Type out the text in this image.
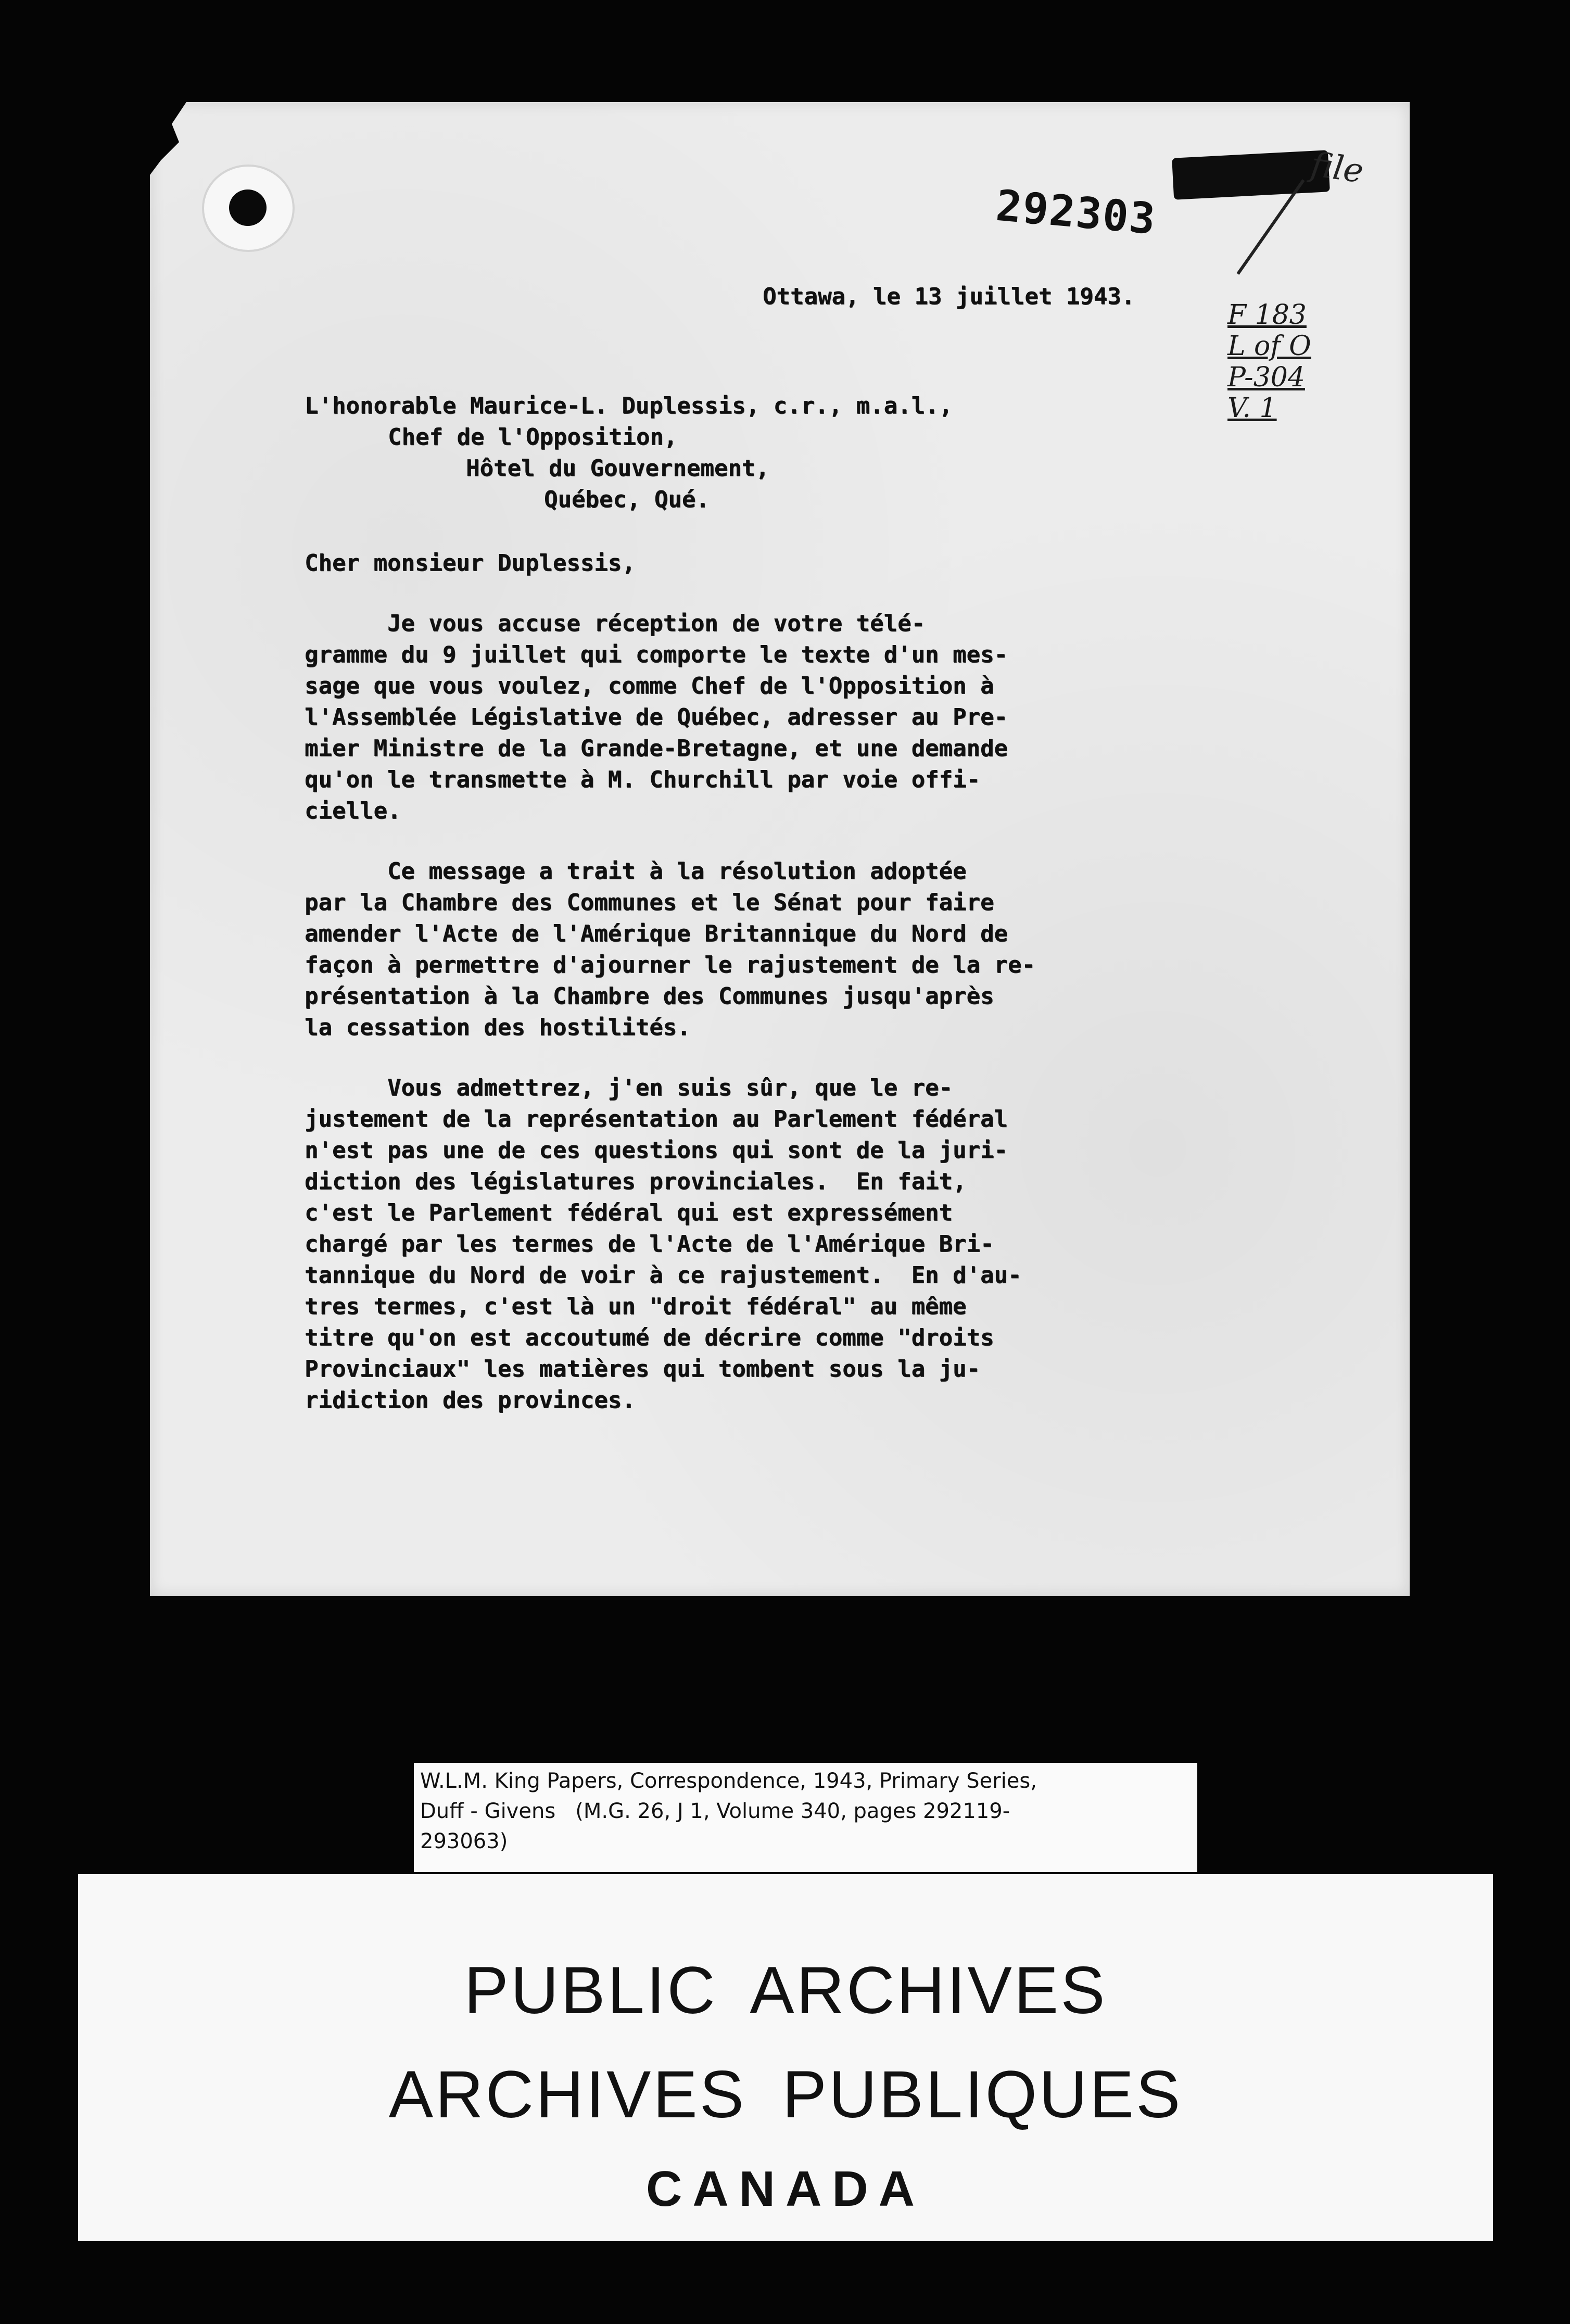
292303
file
F 183
L of O
P-304
V. 1
Ottawa, le 13 juillet 1943.
L'honorable Maurice-L. Duplessis, c.r., m.a.l.,
Chef de l'Opposition,
Hôtel du Gouvernement,
Québec, Qué.
Cher monsieur Duplessis,
Je vous accuse réception de votre télé-
gramme du 9 juillet qui comporte le texte d'un mes-
sage que vous voulez, comme Chef de l'Opposition à
l'Assemblée Législative de Québec, adresser au Pre-
mier Ministre de la Grande-Bretagne, et une demande
qu'on le transmette à M. Churchill par voie offi-
cielle.
Ce message a trait à la résolution adoptée
par la Chambre des Communes et le Sénat pour faire
amender l'Acte de l'Amérique Britannique du Nord de
façon à permettre d'ajourner le rajustement de la re-
présentation à la Chambre des Communes jusqu'après
la cessation des hostilités.
Vous admettrez, j'en suis sûr, que le re-
justement de la représentation au Parlement fédéral
n'est pas une de ces questions qui sont de la juri-
diction des législatures provinciales.  En fait,
c'est le Parlement fédéral qui est expressément
chargé par les termes de l'Acte de l'Amérique Bri-
tannique du Nord de voir à ce rajustement.  En d'au-
tres termes, c'est là un "droit fédéral" au même
titre qu'on est accoutumé de décrire comme "droits
Provinciaux" les matières qui tombent sous la ju-
ridiction des provinces.
W.L.M. King Papers, Correspondence, 1943, Primary Series,
Duff - Givens   (M.G. 26, J 1, Volume 340, pages 292119-
293063)
PUBLIC ARCHIVES
ARCHIVES PUBLIQUES
CANADA
